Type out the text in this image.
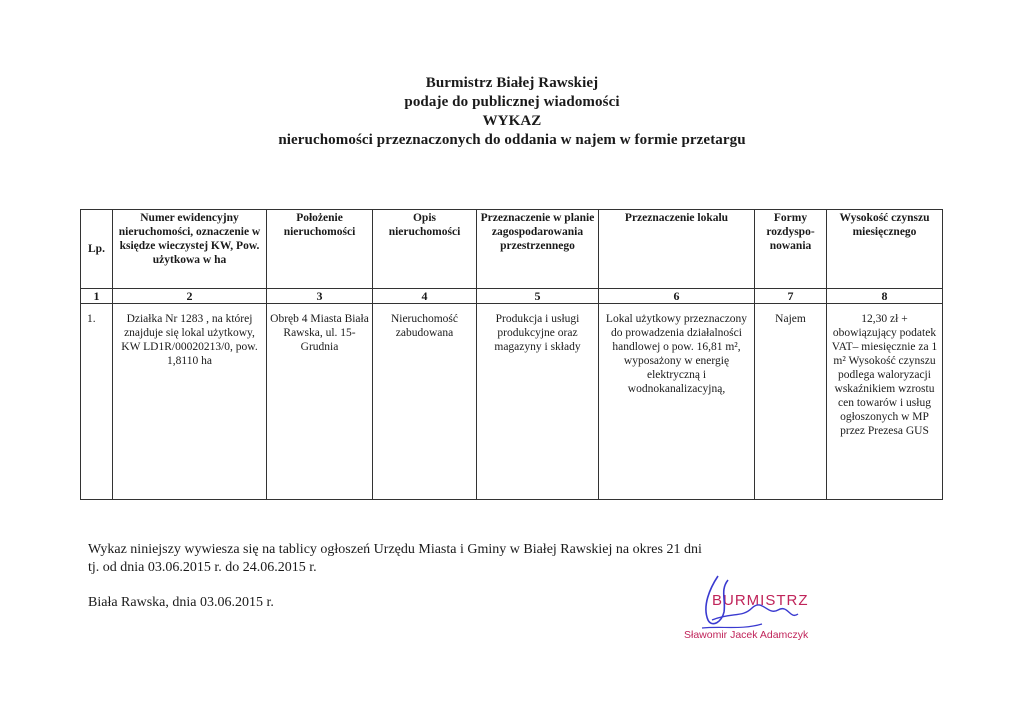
Burmistrz Białej Rawskiej
podaje do publicznej wiadomości
WYKAZ
nieruchomości przeznaczonych do oddania w najem w formie przetargu
Lp.	Numer ewidencyjny nieruchomości, oznaczenie w księdze wieczystej KW, Pow. użytkowa w ha	Położenie nieruchomości	Opis nieruchomości	Przeznaczenie w planie zagospodarowania przestrzennego	Przeznaczenie lokalu	Formy rozdyspo-nowania	Wysokość czynszu miesięcznego
1	2	3	4	5	6	7	8
1.	Działka Nr 1283 , na której znajduje się lokal użytkowy, KW LD1R/00020213/0, pow. 1,8110 ha	Obręb 4 Miasta Biała Rawska, ul. 15-Grudnia	Nieruchomość zabudowana	Produkcja i usługi produkcyjne oraz magazyny i składy	Lokal użytkowy przeznaczony do prowadzenia działalności handlowej o pow. 16,81 m², wyposażony w energię elektryczną i wodnokanalizacyjną,	Najem	12,30 zł + obowiązujący podatek VAT– miesięcznie za 1 m² Wysokość czynszu podlega waloryzacji wskaźnikiem wzrostu cen towarów i usług ogłoszonych w MP przez Prezesa GUS
Wykaz niniejszy wywiesza się na tablicy ogłoszeń Urzędu Miasta i Gminy w Białej Rawskiej na okres 21 dni
tj. od dnia 03.06.2015 r. do 24.06.2015 r.
Biała Rawska, dnia 03.06.2015 r.	BURMISTRZ
Sławomir Jacek Adamczyk
